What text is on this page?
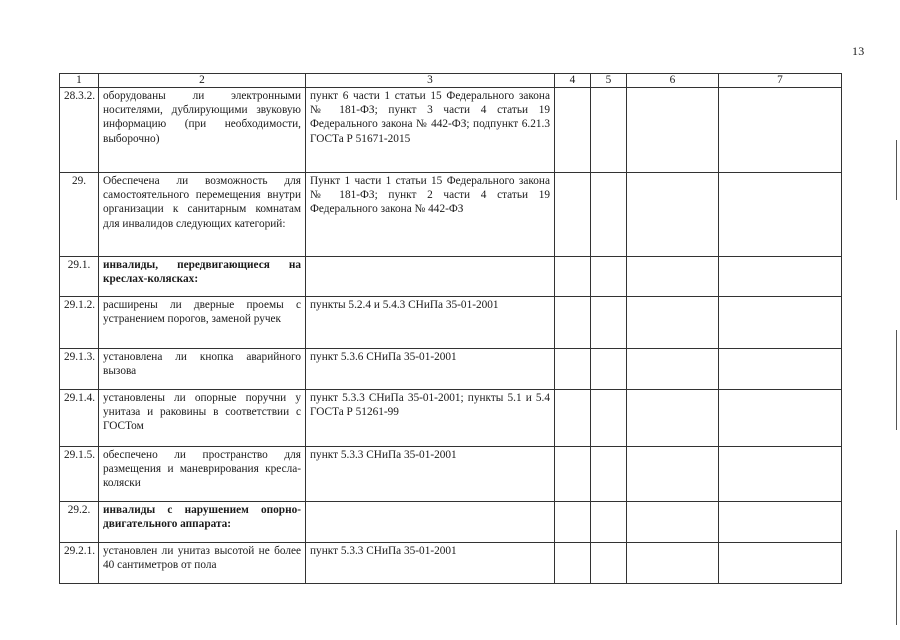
13
1	2	3	4	5	6	7
28.3.2.	оборудованы ли электронными носителями, дублирующими звуковую информацию (при необходимости, выборочно)	пункт 6 части 1 статьи 15 Федерального закона № 181-ФЗ; пункт 3 части 4 статьи 19 Федерального закона № 442-ФЗ; подпункт 6.21.3 ГОСТа Р 51671-2015				
29.	Обеспечена ли возможность для самостоятельного перемещения внутри организации к санитарным комнатам для инвалидов следующих категорий:	Пункт 1 части 1 статьи 15 Федерального закона № 181-ФЗ; пункт 2 части 4 статьи 19 Федерального закона № 442-ФЗ				
29.1.	инвалиды, передвигающиеся на креслах-колясках:					
29.1.2.	расширены ли дверные проемы с устранением порогов, заменой ручек	пункты 5.2.4 и 5.4.3 СНиПа 35-01-2001				
29.1.3.	установлена ли кнопка аварийного вызова	пункт 5.3.6 СНиПа 35-01-2001				
29.1.4.	установлены ли опорные поручни у унитаза и раковины в соответствии с ГОСТом	пункт 5.3.3 СНиПа 35-01-2001; пункты 5.1 и 5.4 ГОСТа Р 51261-99				
29.1.5.	обеспечено ли пространство для размещения и маневрирования кресла-коляски	пункт 5.3.3 СНиПа 35-01-2001				
29.2.	инвалиды с нарушением опорно-двигательного аппарата:					
29.2.1.	установлен ли унитаз высотой не более 40 сантиметров от пола	пункт 5.3.3 СНиПа 35-01-2001				
